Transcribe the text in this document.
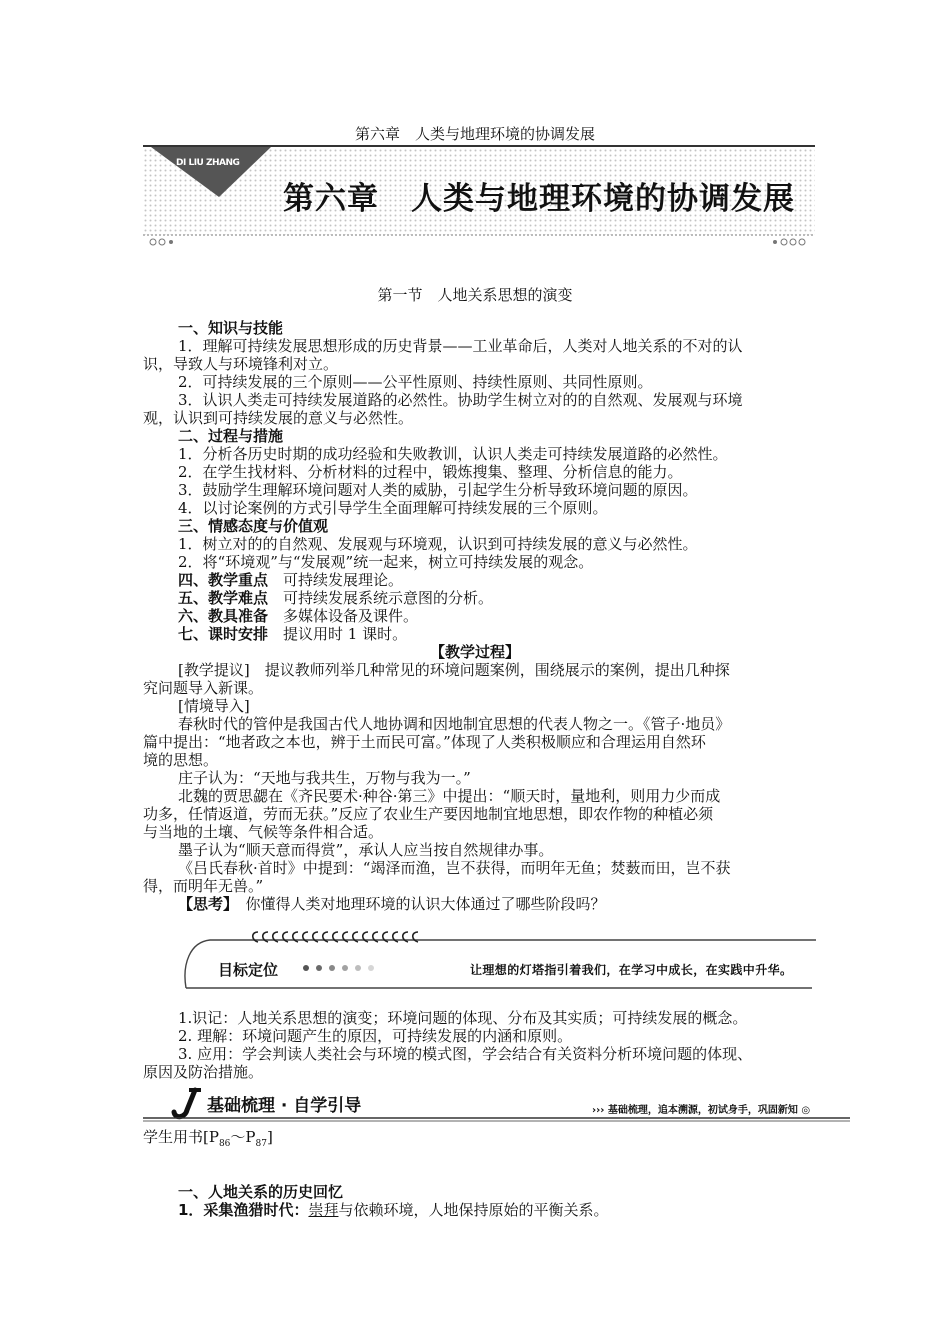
第六章　人类与地理环境的协调发展
DI LIU ZHANG
第六章　人类与地理环境的协调发展
第一节　人地关系思想的演变
一、知识与技能
1．理解可持续发展思想形成的历史背景——工业革命后，人类对人地关系的不对的认
识，导致人与环境锋利对立。
2．可持续发展的三个原则——公平性原则、持续性原则、共同性原则。
3．认识人类走可持续发展道路的必然性。协助学生树立对的的自然观、发展观与环境
观，认识到可持续发展的意义与必然性。
二、过程与措施
1．分析各历史时期的成功经验和失败教训，认识人类走可持续发展道路的必然性。
2．在学生找材料、分析材料的过程中，锻炼搜集、整理、分析信息的能力。
3．鼓励学生理解环境问题对人类的威胁，引起学生分析导致环境问题的原因。
4．以讨论案例的方式引导学生全面理解可持续发展的三个原则。
三、情感态度与价值观
1．树立对的的自然观、发展观与环境观，认识到可持续发展的意义与必然性。
2．将“环境观”与“发展观”统一起来，树立可持续发展的观念。
四、教学重点　 可持续发展理论。
五、教学难点　 可持续发展系统示意图的分析。
六、教具准备　 多媒体设备及课件。
七、课时安排　 提议用时 1 课时。
【教学过程】
[教学提议]　 提议教师列举几种常见的环境问题案例，围绕展示的案例，提出几种探
究问题导入新课。
[情境导入]
春秋时代的管仲是我国古代人地协调和因地制宜思想的代表人物之一。《管子·地员》
篇中提出：“地者政之本也，辨于土而民可富。”体现了人类积极顺应和合理运用自然环
境的思想。
庄子认为：“天地与我共生，万物与我为一。”
北魏的贾思勰在《齐民要术·种谷·第三》中提出：“顺天时，量地利，则用力少而成
功多，任情返道，劳而无获。”反应了农业生产要因地制宜地思想，即农作物的种植必须
与当地的土壤、气候等条件相合适。
墨子认为“顺天意而得赏”，承认人应当按自然规律办事。
《吕氏春秋·首时》中提到：“竭泽而渔，岂不获得，而明年无鱼；焚薮而田，岂不获
得，而明年无兽。”
【思考】　 你懂得人类对地理环境的认识大体通过了哪些阶段吗？
目标定位	让理想的灯塔指引着我们，在学习中成长，在实践中升华。
1.识记：人地关系思想的演变；环境问题的体现、分布及其实质；可持续发展的概念。
2. 理解：环境问题产生的原因，可持续发展的内涵和原则。
3. 应用：学会判读人类社会与环境的模式图，学会结合有关资料分析环境问题的体现、
原因及防治措施。
基础梳理 · 自学引导	››› 基础梳理，追本溯源，初试身手，巩固新知 ◎
学生用书$[P_{86}\sim P_{87}]$
一、人地关系的历史回忆
1．采集渔猎时代：崇拜与依赖环境，人地保持原始的平衡关系。
